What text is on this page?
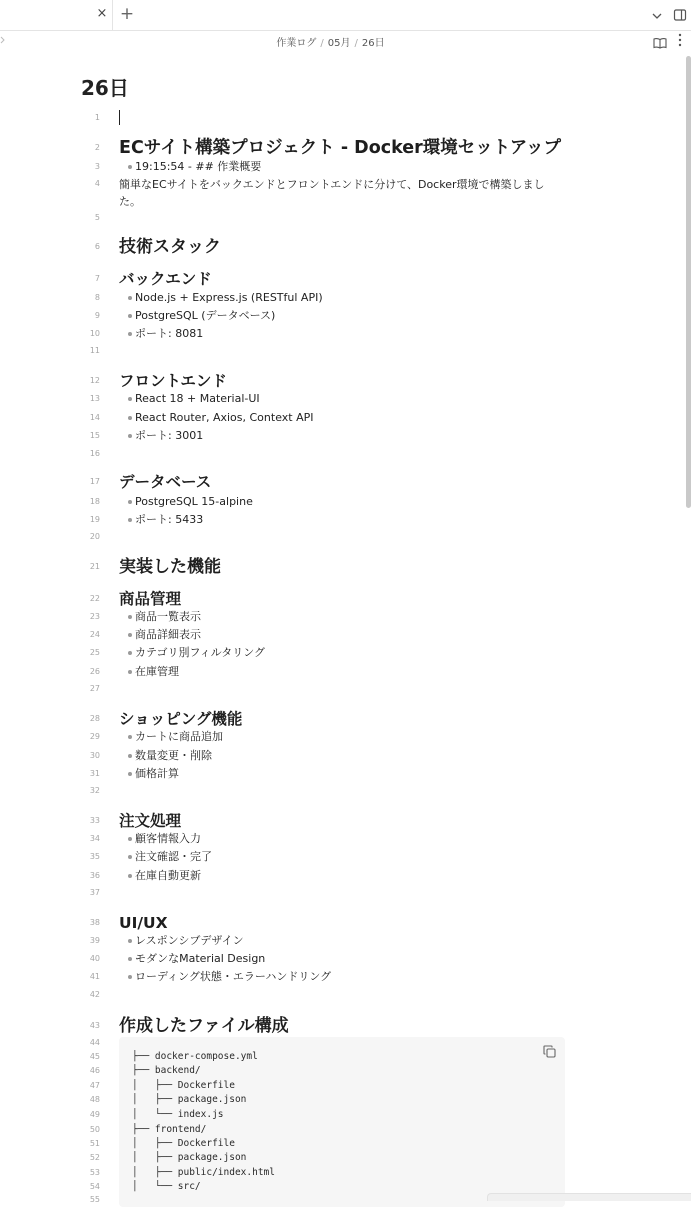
× +
作業ログ / 05月 / 26日
26日
1
2 ECサイト構築プロジェクト - Docker環境セットアップ
3	19:15:54 - ## 作業概要
4 簡単なECサイトをバックエンドとフロントエンドに分けて、Docker環境で構築しました。
5
6 技術スタック
7 バックエンド
8	Node.js + Express.js (RESTful API)
9	PostgreSQL (データベース)
10	ポート: 8081
11
12 フロントエンド
13	React 18 + Material-UI
14	React Router, Axios, Context API
15	ポート: 3001
16
17 データベース
18	PostgreSQL 15-alpine
19	ポート: 5433
20
21 実装した機能
22 商品管理
23	商品一覧表示
24	商品詳細表示
25	カテゴリ別フィルタリング
26	在庫管理
27
28 ショッピング機能
29	カートに商品追加
30	数量変更・削除
31	価格計算
32
33 注文処理
34	顧客情報入力
35	注文確認・完了
36	在庫自動更新
37
38 UI/UX
39	レスポンシブデザイン
40	モダンなMaterial Design
41	ローディング状態・エラーハンドリング
42
43 作成したファイル構成
44
45
46
47
48
49
50
51
52
53
54
55
├── docker-compose.yml
├── backend/
│   ├── Dockerfile
│   ├── package.json
│   └── index.js
├── frontend/
│   ├── Dockerfile
│   ├── package.json
│   ├── public/index.html
│   └── src/
